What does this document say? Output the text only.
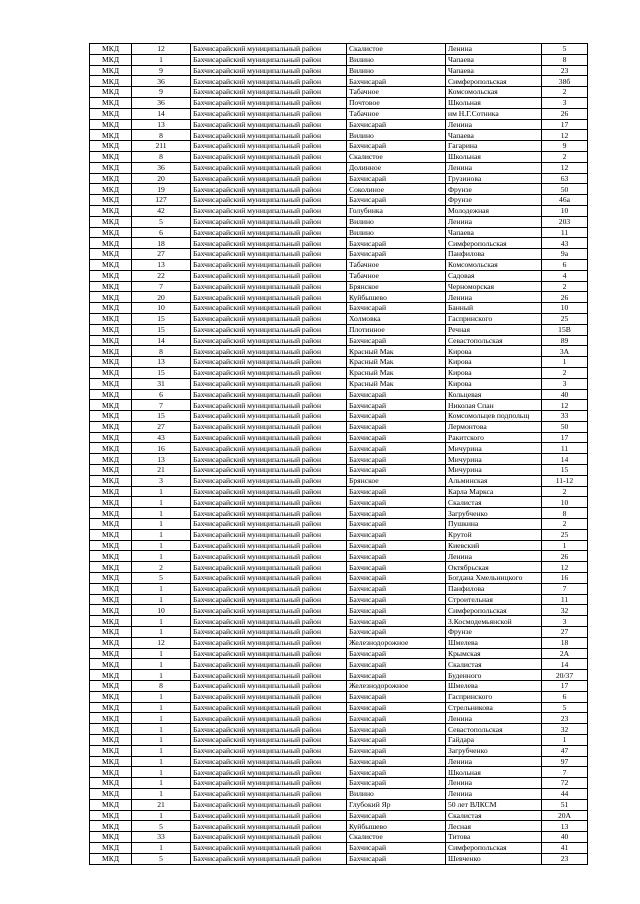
МКД	12	Бахчисарайский муниципальный район	Скалистое	Ленина	5
МКД	1	Бахчисарайский муниципальный район	Вилино	Чапаева	8
МКД	9	Бахчисарайский муниципальный район	Вилино	Чапаева	23
МКД	36	Бахчисарайский муниципальный район	Бахчисарай	Симферопольская	38б
МКД	9	Бахчисарайский муниципальный район	Табачное	Комсомольская	2
МКД	36	Бахчисарайский муниципальный район	Почтовое	Школьная	3
МКД	14	Бахчисарайский муниципальный район	Табачное	им Н.Г.Сотника	26
МКД	13	Бахчисарайский муниципальный район	Бахчисарай	Ленина	17
МКД	8	Бахчисарайский муниципальный район	Вилино	Чапаева	12
МКД	211	Бахчисарайский муниципальный район	Бахчисарай	Гагарина	9
МКД	8	Бахчисарайский муниципальный район	Скалистое	Школьная	2
МКД	36	Бахчисарайский муниципальный район	Долинное	Ленина	12
МКД	20	Бахчисарайский муниципальный район	Бахчисарай	Грузинова	63
МКД	19	Бахчисарайский муниципальный район	Соколиное	Фрунзе	50
МКД	127	Бахчисарайский муниципальный район	Бахчисарай	Фрунзе	46а
МКД	42	Бахчисарайский муниципальный район	Голубинка	Молодежная	10
МКД	5	Бахчисарайский муниципальный район	Вилино	Ленина	203
МКД	6	Бахчисарайский муниципальный район	Вилино	Чапаева	11
МКД	18	Бахчисарайский муниципальный район	Бахчисарай	Симферопольская	43
МКД	27	Бахчисарайский муниципальный район	Бахчисарай	Панфилова	9а
МКД	13	Бахчисарайский муниципальный район	Табачное	Комсомольская	6
МКД	22	Бахчисарайский муниципальный район	Табачное	Садовая	4
МКД	7	Бахчисарайский муниципальный район	Брянское	Черноморская	2
МКД	20	Бахчисарайский муниципальный район	Куйбышево	Ленина	26
МКД	10	Бахчисарайский муниципальный район	Бахчисарай	Банный	10
МКД	15	Бахчисарайский муниципальный район	Холмовка	Гаспринского	25
МКД	15	Бахчисарайский муниципальный район	Плотинное	Речная	15В
МКД	14	Бахчисарайский муниципальный район	Бахчисарай	Севастопольская	89
МКД	8	Бахчисарайский муниципальный район	Красный Мак	Кирова	3А
МКД	13	Бахчисарайский муниципальный район	Красный Мак	Кирова	1
МКД	15	Бахчисарайский муниципальный район	Красный Мак	Кирова	2
МКД	31	Бахчисарайский муниципальный район	Красный Мак	Кирова	3
МКД	6	Бахчисарайский муниципальный район	Бахчисарай	Кольцевая	40
МКД	7	Бахчисарайский муниципальный район	Бахчисарай	Николая Спан	12
МКД	15	Бахчисарайский муниципальный район	Бахчисарай	Комсомольцев подпольщ	33
МКД	27	Бахчисарайский муниципальный район	Бахчисарай	Лермонтова	50
МКД	43	Бахчисарайский муниципальный район	Бахчисарай	Ракитского	17
МКД	16	Бахчисарайский муниципальный район	Бахчисарай	Мичурина	11
МКД	13	Бахчисарайский муниципальный район	Бахчисарай	Мичурина	14
МКД	21	Бахчисарайский муниципальный район	Бахчисарай	Мичурина	15
МКД	3	Бахчисарайский муниципальный район	Брянское	Альминская	11-12
МКД	1	Бахчисарайский муниципальный район	Бахчисарай	Карла Маркса	2
МКД	1	Бахчисарайский муниципальный район	Бахчисарай	Скалистая	10
МКД	1	Бахчисарайский муниципальный район	Бахчисарай	Загрубченко	8
МКД	1	Бахчисарайский муниципальный район	Бахчисарай	Пушкина	2
МКД	1	Бахчисарайский муниципальный район	Бахчисарай	Крутой	25
МКД	1	Бахчисарайский муниципальный район	Бахчисарай	Киевский	1
МКД	1	Бахчисарайский муниципальный район	Бахчисарай	Ленина	26
МКД	2	Бахчисарайский муниципальный район	Бахчисарай	Октябрьская	12
МКД	5	Бахчисарайский муниципальный район	Бахчисарай	Богдана Хмельницкого	16
МКД	1	Бахчисарайский муниципальный район	Бахчисарай	Панфилова	7
МКД	1	Бахчисарайский муниципальный район	Бахчисарай	Строительная	11
МКД	10	Бахчисарайский муниципальный район	Бахчисарай	Симферопольская	32
МКД	1	Бахчисарайский муниципальный район	Бахчисарай	З.Космодемьянской	3
МКД	1	Бахчисарайский муниципальный район	Бахчисарай	Фрунзе	27
МКД	12	Бахчисарайский муниципальный район	Железнодорожное	Шмелева	18
МКД	1	Бахчисарайский муниципальный район	Бахчисарай	Крымская	2А
МКД	1	Бахчисарайский муниципальный район	Бахчисарай	Скалистая	14
МКД	1	Бахчисарайский муниципальный район	Бахчисарай	Буденного	20/37
МКД	8	Бахчисарайский муниципальный район	Железнодорожное	Шмелева	17
МКД	1	Бахчисарайский муниципальный район	Бахчисарай	Гаспринского	6
МКД	1	Бахчисарайский муниципальный район	Бахчисарай	Стрельникова	5
МКД	1	Бахчисарайский муниципальный район	Бахчисарай	Ленина	23
МКД	1	Бахчисарайский муниципальный район	Бахчисарай	Севастопольская	32
МКД	1	Бахчисарайский муниципальный район	Бахчисарай	Гайдара	1
МКД	1	Бахчисарайский муниципальный район	Бахчисарай	Загрубченко	47
МКД	1	Бахчисарайский муниципальный район	Бахчисарай	Ленина	97
МКД	1	Бахчисарайский муниципальный район	Бахчисарай	Школьная	7
МКД	1	Бахчисарайский муниципальный район	Бахчисарай	Ленина	72
МКД	1	Бахчисарайский муниципальный район	Вилино	Ленина	44
МКД	21	Бахчисарайский муниципальный район	Глубокий Яр	50 лет ВЛКСМ	51
МКД	1	Бахчисарайский муниципальный район	Бахчисарай	Скалистая	20А
МКД	5	Бахчисарайский муниципальный район	Куйбышево	Лесная	13
МКД	33	Бахчисарайский муниципальный район	Скалистое	Титова	40
МКД	1	Бахчисарайский муниципальный район	Бахчисарай	Симферопольская	41
МКД	5	Бахчисарайский муниципальный район	Бахчисарай	Шевченко	23
